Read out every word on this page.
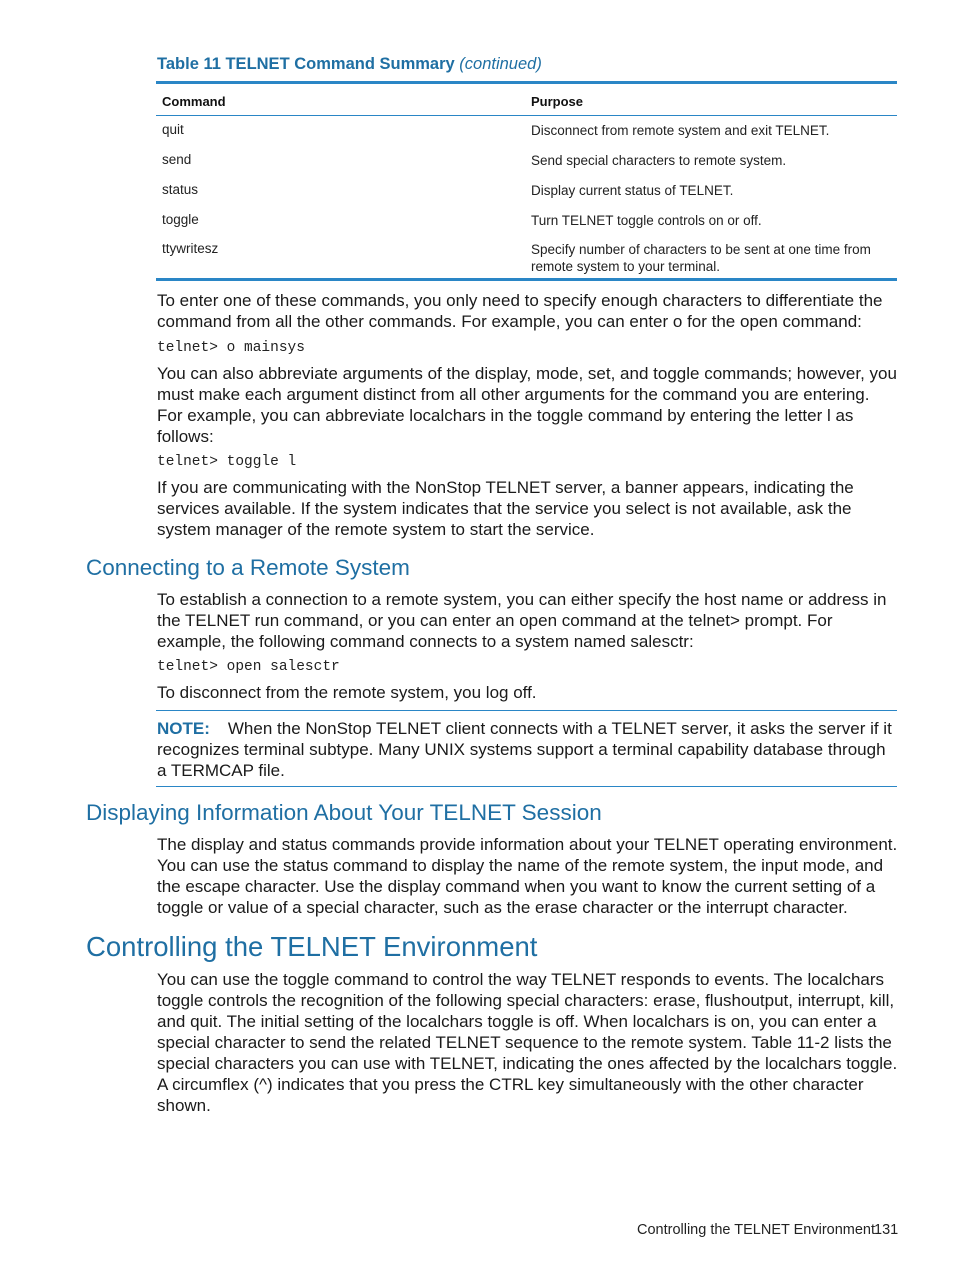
Table 11 TELNET Command Summary (continued)
Command	Purpose
quit	Disconnect from remote system and exit TELNET.
send	Send special characters to remote system.
status	Display current status of TELNET.
toggle	Turn TELNET toggle controls on or off.
ttywritesz	Specify number of characters to be sent at one time from remote system to your terminal.
To enter one of these commands, you only need to specify enough characters to differentiate the command from all the other commands. For example, you can enter o for the open command:
telnet> o mainsys
You can also abbreviate arguments of the display, mode, set, and toggle commands; however, you must make each argument distinct from all other arguments for the command you are entering. For example, you can abbreviate localchars in the toggle command by entering the letter l as follows:
telnet> toggle l
If you are communicating with the NonStop TELNET server, a banner appears, indicating the services available. If the system indicates that the service you select is not available, ask the system manager of the remote system to start the service.
Connecting to a Remote System
To establish a connection to a remote system, you can either specify the host name or address in the TELNET run command, or you can enter an open command at the telnet> prompt. For example, the following command connects to a system named salesctr:
telnet> open salesctr
To disconnect from the remote system, you log off.
NOTE: When the NonStop TELNET client connects with a TELNET server, it asks the server if it recognizes terminal subtype. Many UNIX systems support a terminal capability database through a TERMCAP file.
Displaying Information About Your TELNET Session
The display and status commands provide information about your TELNET operating environment. You can use the status command to display the name of the remote system, the input mode, and the escape character. Use the display command when you want to know the current setting of a toggle or value of a special character, such as the erase character or the interrupt character.
Controlling the TELNET Environment
You can use the toggle command to control the way TELNET responds to events. The localchars toggle controls the recognition of the following special characters: erase, flushoutput, interrupt, kill, and quit. The initial setting of the localchars toggle is off. When localchars is on, you can enter a special character to send the related TELNET sequence to the remote system. Table 11-2 lists the special characters you can use with TELNET, indicating the ones affected by the localchars toggle. A circumflex (^) indicates that you press the CTRL key simultaneously with the other character shown.
Controlling the TELNET Environment
131
